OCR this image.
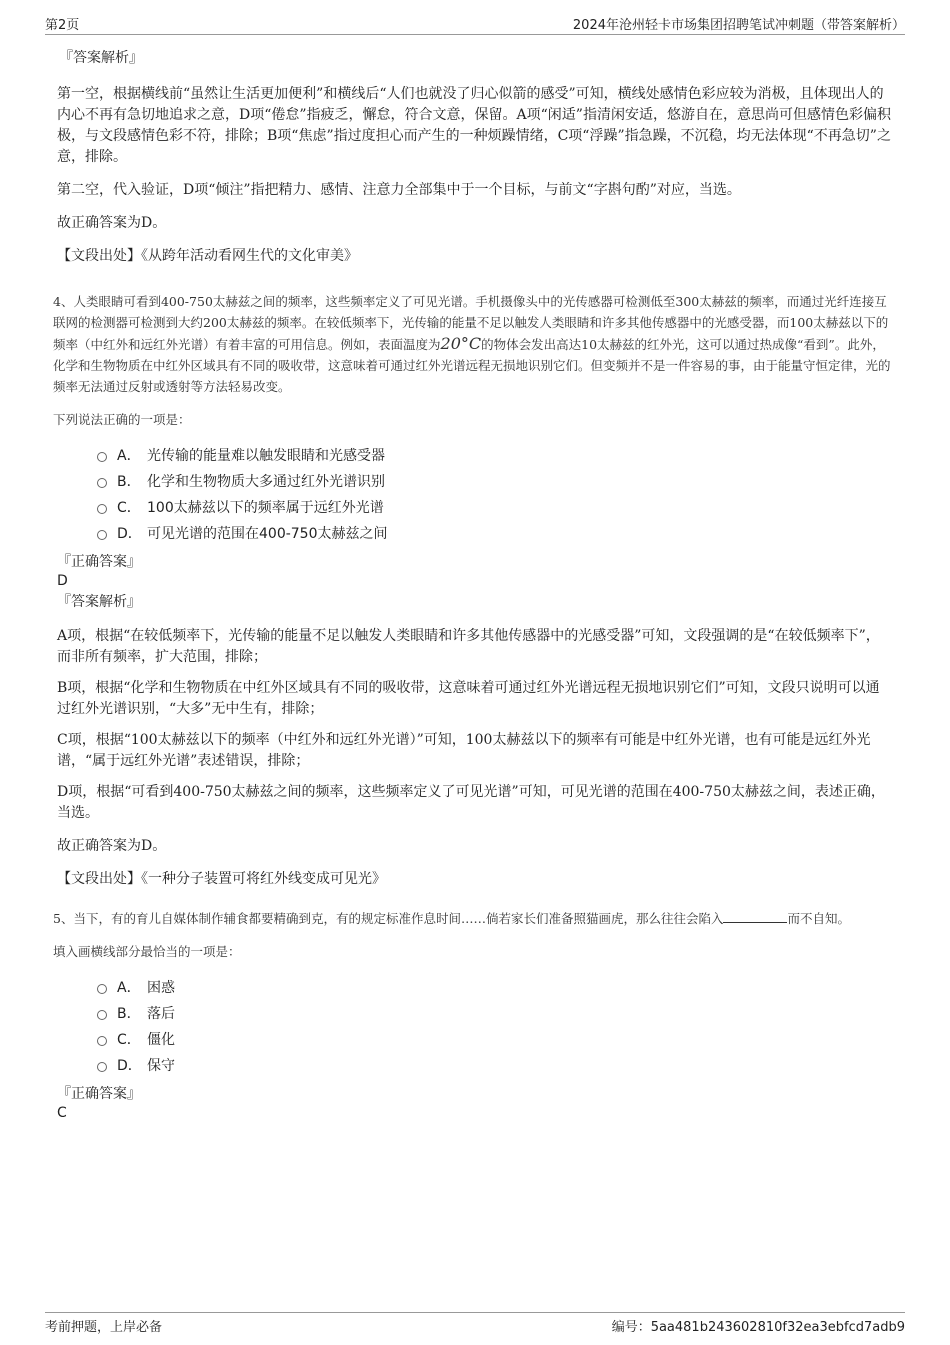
第2页	2024年沧州轻卡市场集团招聘笔试冲刺题（带答案解析）

『答案解析』

第一空，根据横线前“虽然让生活更加便利”和横线后“人们也就没了归心似箭的感受”可知，横线处感情色彩应较为消极，且体现出人的内心不再有急切地追求之意，D项“倦怠”指疲乏，懈怠，符合文意，保留。A项“闲适”指清闲安适，悠游自在，意思尚可但感情色彩偏积极，与文段感情色彩不符，排除；B项“焦虑”指过度担心而产生的一种烦躁情绪，C项“浮躁”指急躁，不沉稳，均无法体现“不再急切”之意，排除。

第二空，代入验证，D项“倾注”指把精力、感情、注意力全部集中于一个目标，与前文“字斟句酌”对应，当选。

故正确答案为D。

【文段出处】《从跨年活动看网生代的文化审美》

4、人类眼睛可看到400-750太赫兹之间的频率，这些频率定义了可见光谱。手机摄像头中的光传感器可检测低至300太赫兹的频率，而通过光纤连接互联网的检测器可检测到大约200太赫兹的频率。在较低频率下，光传输的能量不足以触发人类眼睛和许多其他传感器中的光感受器，而100太赫兹以下的频率（中红外和远红外光谱）有着丰富的可用信息。例如，表面温度为20°C的物体会发出高达10太赫兹的红外光，这可以通过热成像“看到”。此外，化学和生物物质在中红外区域具有不同的吸收带，这意味着可通过红外光谱远程无损地识别它们。但变频并不是一件容易的事，由于能量守恒定律，光的频率无法通过反射或透射等方法轻易改变。

下列说法正确的一项是：

A． 光传输的能量难以触发眼睛和光感受器
B． 化学和生物物质大多通过红外光谱识别
C． 100太赫兹以下的频率属于远红外光谱
D． 可见光谱的范围在400-750太赫兹之间

『正确答案』

D

『答案解析』

A项，根据“在较低频率下，光传输的能量不足以触发人类眼睛和许多其他传感器中的光感受器”可知，文段强调的是“在较低频率下”，而非所有频率，扩大范围，排除；

B项，根据“化学和生物物质在中红外区域具有不同的吸收带，这意味着可通过红外光谱远程无损地识别它们”可知，文段只说明可以通过红外光谱识别，“大多”无中生有，排除；

C项，根据“100太赫兹以下的频率（中红外和远红外光谱）”可知，100太赫兹以下的频率有可能是中红外光谱，也有可能是远红外光谱，“属于远红外光谱”表述错误，排除；

D项，根据“可看到400-750太赫兹之间的频率，这些频率定义了可见光谱”可知，可见光谱的范围在400-750太赫兹之间，表述正确，当选。

故正确答案为D。

【文段出处】《一种分子装置可将红外线变成可见光》

5、当下，有的育儿自媒体制作辅食都要精确到克，有的规定标准作息时间……倘若家长们准备照猫画虎，那么往往会陷入	而不自知。

填入画横线部分最恰当的一项是：

A． 困惑
B． 落后
C． 僵化
D． 保守

『正确答案』

C

考前押题，上岸必备	编号：5aa481b243602810f32ea3ebfcd7adb9
